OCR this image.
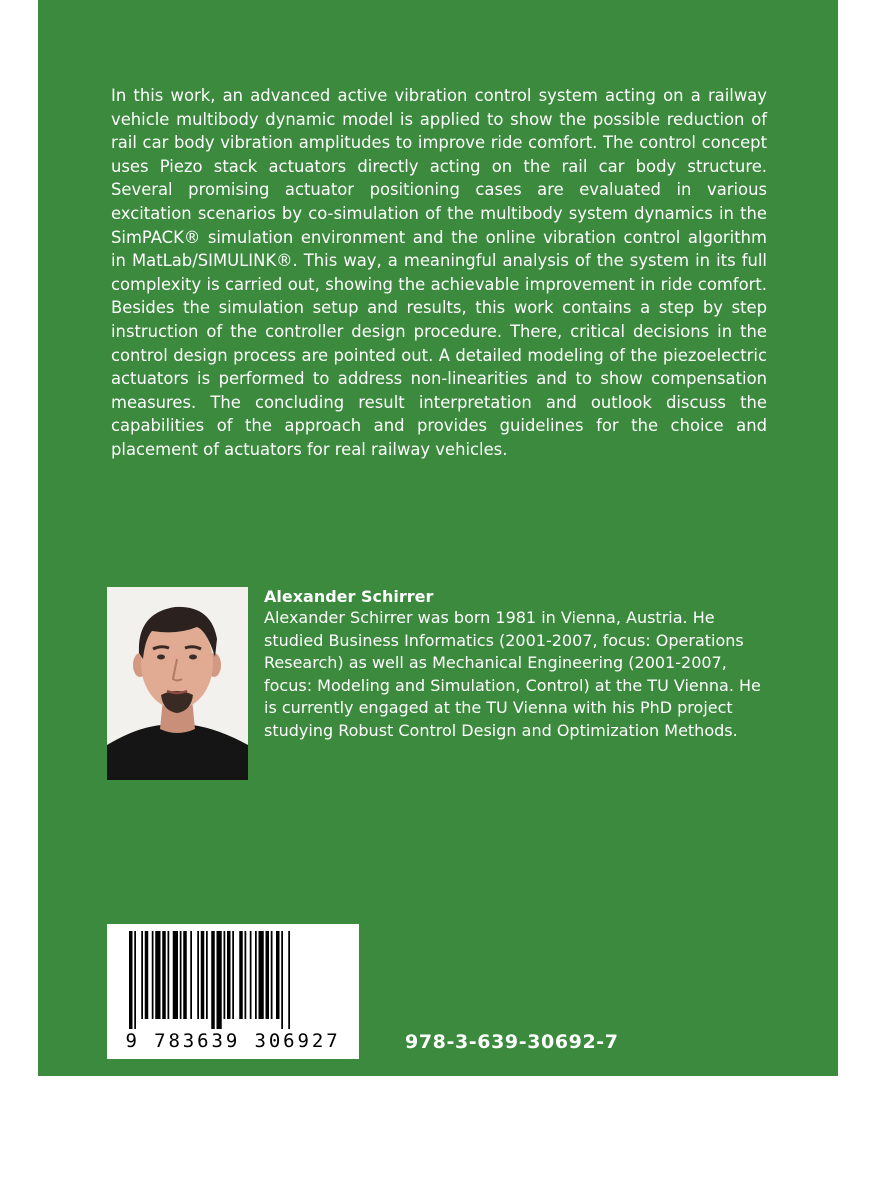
In this work, an advanced active vibration control system acting on a railway vehicle multibody dynamic model is applied to show the possible reduction of rail car body vibration amplitudes to improve ride comfort. The control concept uses Piezo stack actuators directly acting on the rail car body structure. Several promising actuator positioning cases are evaluated in various excitation scenarios by co-simulation of the multibody system dynamics in the SimPACK® simulation environment and the online vibration control algorithm in MatLab/SIMULINK®. This way, a meaningful analysis of the system in its full complexity is carried out, showing the achievable improvement in ride comfort. Besides the simulation setup and results, this work contains a step by step instruction of the controller design procedure. There, critical decisions in the control design process are pointed out. A detailed modeling of the piezoelectric actuators is performed to address non-linearities and to show compensation measures. The concluding result interpretation and outlook discuss the capabilities of the approach and provides guidelines for the choice and placement of actuators for real railway vehicles.

Alexander Schirrer

Alexander Schirrer was born 1981 in Vienna, Austria. He studied Business Informatics (2001-2007, focus: Operations Research) as well as Mechanical Engineering (2001-2007, focus: Modeling and Simulation, Control) at the TU Vienna. He is currently engaged at the TU Vienna with his PhD project studying Robust Control Design and Optimization Methods.

9 783639 306927	978-3-639-30692-7
